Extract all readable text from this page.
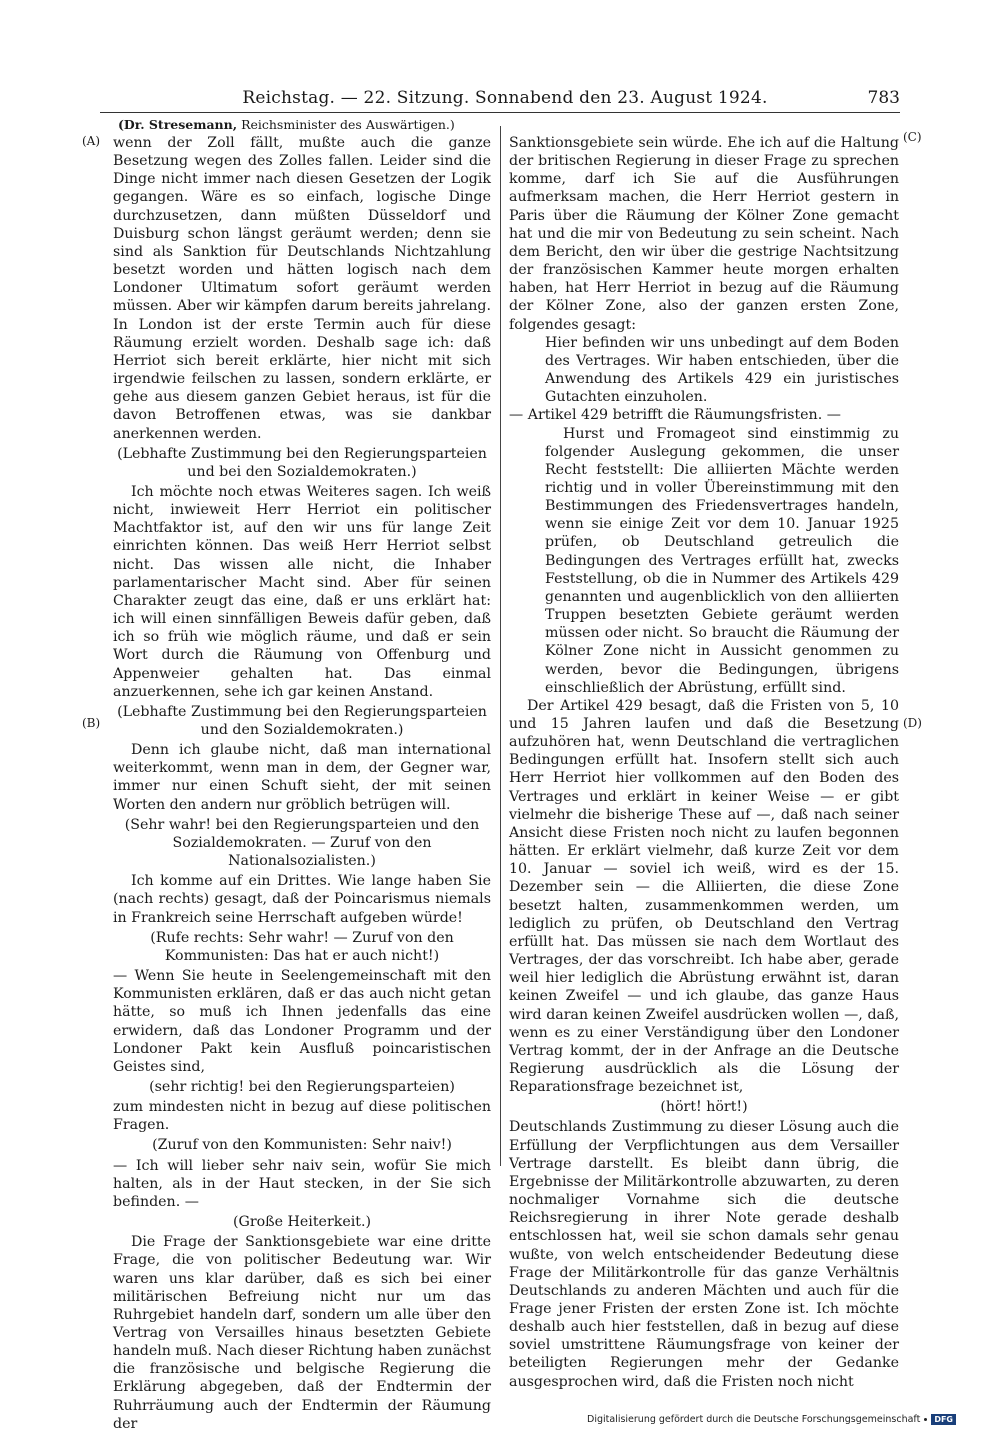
Reichstag. — 22. Sitzung. Sonnabend den 23. August 1924.	783
(Dr. Stresemann, Reichsminister des Auswärtigen.)
(A)
(B)
(C)
(D)
wenn der Zoll fällt, mußte auch die ganze Besetzung wegen des Zolles fallen. Leider sind die Dinge nicht immer nach diesen Gesetzen der Logik gegangen. Wäre es so einfach, logische Dinge durchzusetzen, dann müßten Düsseldorf und Duisburg schon längst geräumt werden; denn sie sind als Sanktion für Deutschlands Nichtzahlung besetzt worden und hätten logisch nach dem Londoner Ultimatum sofort geräumt werden müssen. Aber wir kämpfen darum bereits jahrelang. In London ist der erste Termin auch für diese Räumung erzielt worden. Deshalb sage ich: daß Herriot sich bereit erklärte, hier nicht mit sich irgendwie feilschen zu lassen, sondern erklärte, er gehe aus diesem ganzen Gebiet heraus, ist für die davon Betroffenen etwas, was sie dankbar anerkennen werden.
(Lebhafte Zustimmung bei den Regierungsparteien und bei den Sozialdemokraten.)
Ich möchte noch etwas Weiteres sagen. Ich weiß nicht, inwieweit Herr Herriot ein politischer Machtfaktor ist, auf den wir uns für lange Zeit einrichten können. Das weiß Herr Herriot selbst nicht. Das wissen alle nicht, die Inhaber parlamentarischer Macht sind. Aber für seinen Charakter zeugt das eine, daß er uns erklärt hat: ich will einen sinnfälligen Beweis dafür geben, daß ich so früh wie möglich räume, und daß er sein Wort durch die Räumung von Offenburg und Appenweier gehalten hat. Das einmal anzuerkennen, sehe ich gar keinen Anstand.
(Lebhafte Zustimmung bei den Regierungsparteien und den Sozialdemokraten.)
Denn ich glaube nicht, daß man international weiterkommt, wenn man in dem, der Gegner war, immer nur einen Schuft sieht, der mit seinen Worten den andern nur gröblich betrügen will.
(Sehr wahr! bei den Regierungsparteien und den Sozialdemokraten. — Zuruf von den Nationalsozialisten.)
Ich komme auf ein Drittes. Wie lange haben Sie (nach rechts) gesagt, daß der Poincarismus niemals in Frankreich seine Herrschaft aufgeben würde!
(Rufe rechts: Sehr wahr! — Zuruf von den Kommunisten: Das hat er auch nicht!)
— Wenn Sie heute in Seelengemeinschaft mit den Kommunisten erklären, daß er das auch nicht getan hätte, so muß ich Ihnen jedenfalls das eine erwidern, daß das Londoner Programm und der Londoner Pakt kein Ausfluß poincaristischen Geistes sind,
(sehr richtig! bei den Regierungsparteien)
zum mindesten nicht in bezug auf diese politischen Fragen.
(Zuruf von den Kommunisten: Sehr naiv!)
— Ich will lieber sehr naiv sein, wofür Sie mich halten, als in der Haut stecken, in der Sie sich befinden. —
(Große Heiterkeit.)
Die Frage der Sanktionsgebiete war eine dritte Frage, die von politischer Bedeutung war. Wir waren uns klar darüber, daß es sich bei einer militärischen Befreiung nicht nur um das Ruhrgebiet handeln darf, sondern um alle über den Vertrag von Versailles hinaus besetzten Gebiete handeln muß. Nach dieser Richtung haben zunächst die französische und belgische Regierung die Erklärung abgegeben, daß der Endtermin der Ruhrräumung auch der Endtermin der Räumung der
Sanktionsgebiete sein würde. Ehe ich auf die Haltung der britischen Regierung in dieser Frage zu sprechen komme, darf ich Sie auf die Ausführungen aufmerksam machen, die Herr Herriot gestern in Paris über die Räumung der Kölner Zone gemacht hat und die mir von Bedeutung zu sein scheint. Nach dem Bericht, den wir über die gestrige Nachtsitzung der französischen Kammer heute morgen erhalten haben, hat Herr Herriot in bezug auf die Räumung der Kölner Zone, also der ganzen ersten Zone, folgendes gesagt:
Hier befinden wir uns unbedingt auf dem Boden des Vertrages. Wir haben entschieden, über die Anwendung des Artikels 429 ein juristisches Gutachten einzuholen.
— Artikel 429 betrifft die Räumungsfristen. —
Hurst und Fromageot sind einstimmig zu folgender Auslegung gekommen, die unser Recht feststellt: Die alliierten Mächte werden richtig und in voller Übereinstimmung mit den Bestimmungen des Friedensvertrages handeln, wenn sie einige Zeit vor dem 10. Januar 1925 prüfen, ob Deutschland getreulich die Bedingungen des Vertrages erfüllt hat, zwecks Feststellung, ob die in Nummer des Artikels 429 genannten und augenblicklich von den alliierten Truppen besetzten Gebiete geräumt werden müssen oder nicht. So braucht die Räumung der Kölner Zone nicht in Aussicht genommen zu werden, bevor die Bedingungen, übrigens einschließlich der Abrüstung, erfüllt sind.
Der Artikel 429 besagt, daß die Fristen von 5, 10 und 15 Jahren laufen und daß die Besetzung aufzuhören hat, wenn Deutschland die vertraglichen Bedingungen erfüllt hat. Insofern stellt sich auch Herr Herriot hier vollkommen auf den Boden des Vertrages und erklärt in keiner Weise — er gibt vielmehr die bisherige These auf —, daß nach seiner Ansicht diese Fristen noch nicht zu laufen begonnen hätten. Er erklärt vielmehr, daß kurze Zeit vor dem 10. Januar — soviel ich weiß, wird es der 15. Dezember sein — die Alliierten, die diese Zone besetzt halten, zusammenkommen werden, um lediglich zu prüfen, ob Deutschland den Vertrag erfüllt hat. Das müssen sie nach dem Wortlaut des Vertrages, der das vorschreibt. Ich habe aber, gerade weil hier lediglich die Abrüstung erwähnt ist, daran keinen Zweifel — und ich glaube, das ganze Haus wird daran keinen Zweifel ausdrücken wollen —, daß, wenn es zu einer Verständigung über den Londoner Vertrag kommt, der in der Anfrage an die Deutsche Regierung ausdrücklich als die Lösung der Reparationsfrage bezeichnet ist,
(hört! hört!)
Deutschlands Zustimmung zu dieser Lösung auch die Erfüllung der Verpflichtungen aus dem Versailler Vertrage darstellt. Es bleibt dann übrig, die Ergebnisse der Militärkontrolle abzuwarten, zu deren nochmaliger Vornahme sich die deutsche Reichsregierung in ihrer Note gerade deshalb entschlossen hat, weil sie schon damals sehr genau wußte, von welch entscheidender Bedeutung diese Frage der Militärkontrolle für das ganze Verhältnis Deutschlands zu anderen Mächten und auch für die Frage jener Fristen der ersten Zone ist. Ich möchte deshalb auch hier feststellen, daß in bezug auf diese soviel umstrittene Räumungsfrage von keiner der beteiligten Regierungen mehr der Gedanke ausgesprochen wird, daß die Fristen noch nicht
Digitalisierung gefördert durch die Deutsche Forschungsgemeinschaft	DFG
